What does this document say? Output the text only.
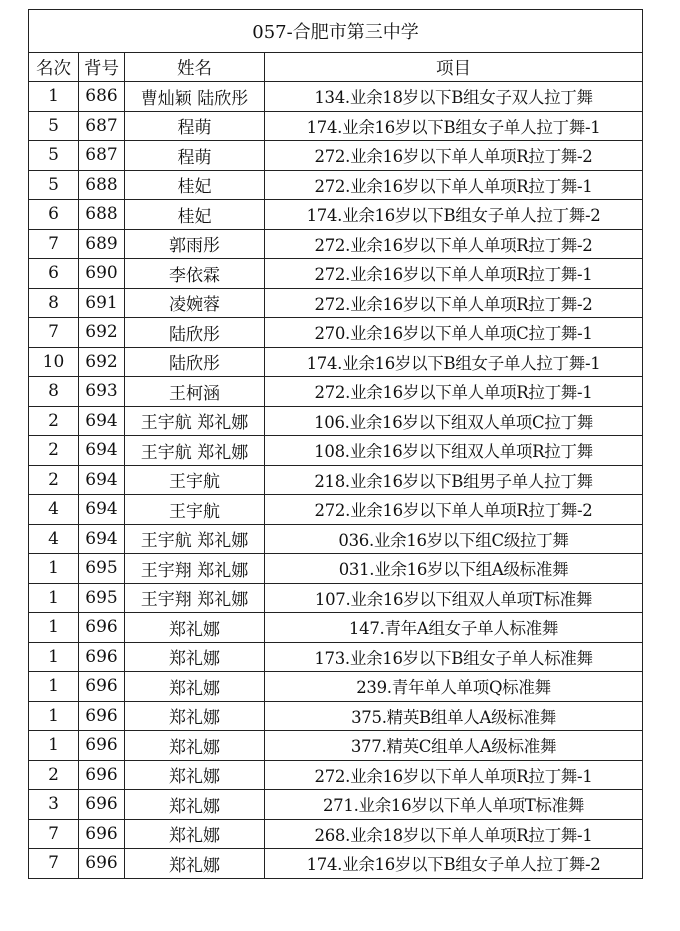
057-合肥市第三中学			
名次	背号	姓名	项目
1	686	曹灿颖 陆欣彤	134.业余18岁以下B组女子双人拉丁舞
5	687	程萌	174.业余16岁以下B组女子单人拉丁舞-1
5	687	程萌	272.业余16岁以下单人单项R拉丁舞-2
5	688	桂妃	272.业余16岁以下单人单项R拉丁舞-1
6	688	桂妃	174.业余16岁以下B组女子单人拉丁舞-2
7	689	郭雨彤	272.业余16岁以下单人单项R拉丁舞-2
6	690	李依霖	272.业余16岁以下单人单项R拉丁舞-1
8	691	凌婉蓉	272.业余16岁以下单人单项R拉丁舞-2
7	692	陆欣彤	270.业余16岁以下单人单项C拉丁舞-1
10	692	陆欣彤	174.业余16岁以下B组女子单人拉丁舞-1
8	693	王柯涵	272.业余16岁以下单人单项R拉丁舞-1
2	694	王宇航 郑礼娜	106.业余16岁以下组双人单项C拉丁舞
2	694	王宇航 郑礼娜	108.业余16岁以下组双人单项R拉丁舞
2	694	王宇航	218.业余16岁以下B组男子单人拉丁舞
4	694	王宇航	272.业余16岁以下单人单项R拉丁舞-2
4	694	王宇航 郑礼娜	036.业余16岁以下组C级拉丁舞
1	695	王宇翔 郑礼娜	031.业余16岁以下组A级标准舞
1	695	王宇翔 郑礼娜	107.业余16岁以下组双人单项T标准舞
1	696	郑礼娜	147.青年A组女子单人标准舞
1	696	郑礼娜	173.业余16岁以下B组女子单人标准舞
1	696	郑礼娜	239.青年单人单项Q标准舞
1	696	郑礼娜	375.精英B组单人A级标准舞
1	696	郑礼娜	377.精英C组单人A级标准舞
2	696	郑礼娜	272.业余16岁以下单人单项R拉丁舞-1
3	696	郑礼娜	271.业余16岁以下单人单项T标准舞
7	696	郑礼娜	268.业余18岁以下单人单项R拉丁舞-1
7	696	郑礼娜	174.业余16岁以下B组女子单人拉丁舞-2
